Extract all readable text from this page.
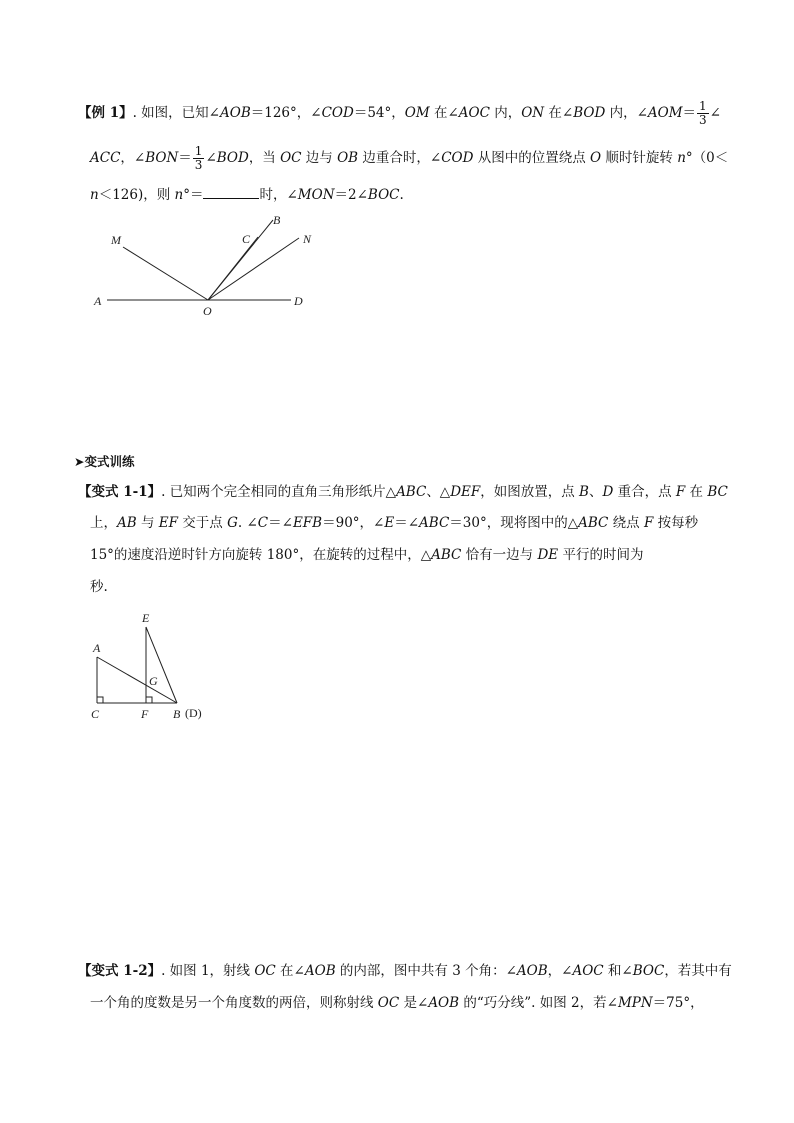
【例 1】. 如图，已知∠AOB＝126°，∠COD＝54°，OM 在∠AOC 内，ON 在∠BOD 内，∠AOM＝ $\frac{1}{3}$ ∠
ACC，∠BON＝ $\frac{1}{3}$ ∠BOD，当 OC 边与 OB 边重合时，∠COD 从图中的位置绕点 O 顺时针旋转 n°（0＜
n＜126)，则 n°＝	时，∠MON＝2∠BOC.
M	C
B
N
A
O
D
➤变式训练
【变式 1-1】. 已知两个完全相同的直角三角形纸片△ABC、△DEF，如图放置，点 B、D 重合，点 F 在 BC
上，AB 与 EF 交于点 G. ∠C＝∠EFB＝90°，∠E＝∠ABC＝30°，现将图中的△ABC 绕点 F 按每秒
15°的速度沿逆时针方向旋转 180°，在旋转的过程中，△ABC 恰有一边与 DE 平行的时间为
秒.
E
A
G
C	F B (D)
【变式 1-2】. 如图 1，射线 OC 在∠AOB 的内部，图中共有 3 个角：∠AOB，∠AOC 和∠BOC，若其中有
一个角的度数是另一个角度数的两倍，则称射线 OC 是∠AOB 的“巧分线”. 如图 2，若∠MPN＝75°，
